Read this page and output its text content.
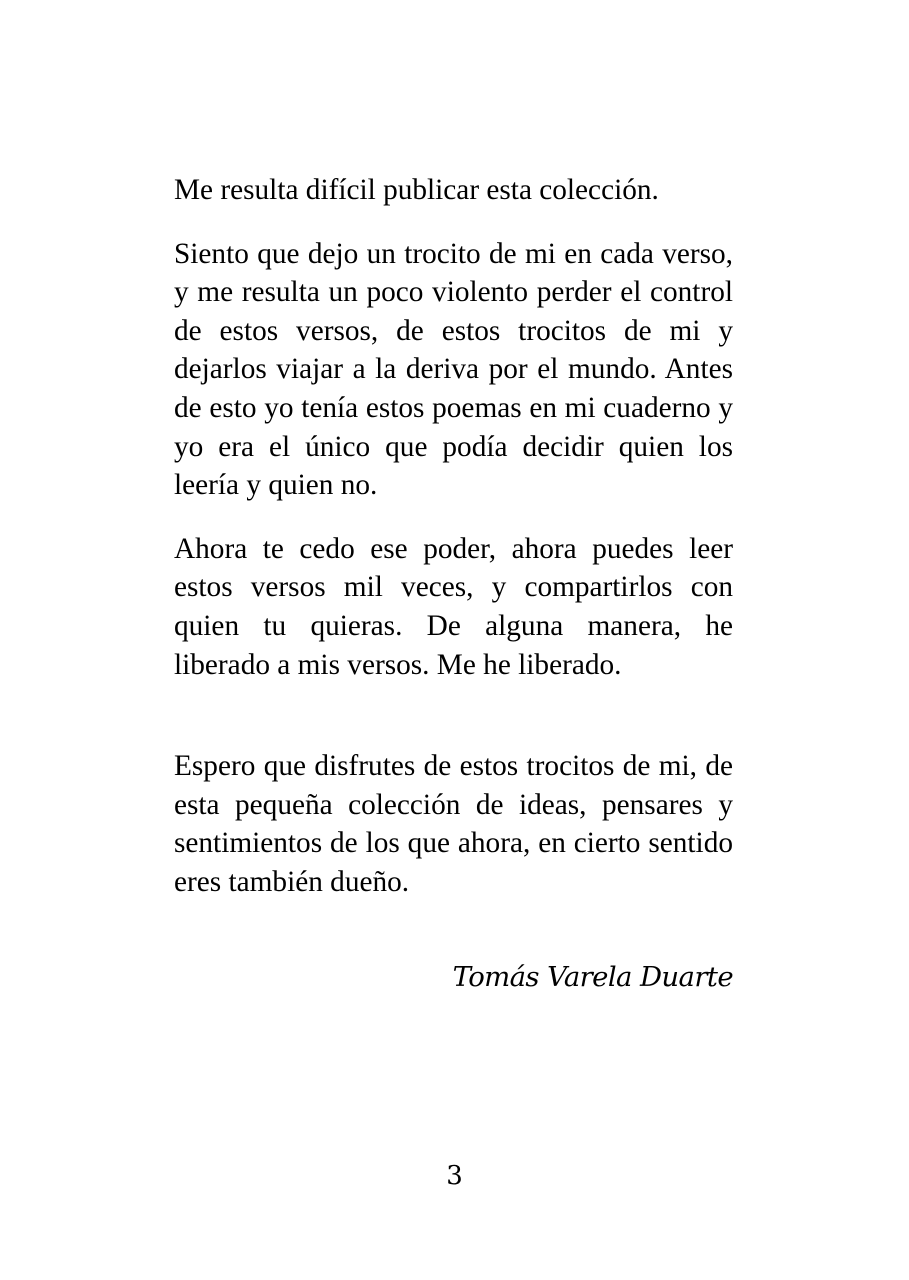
Me resulta difícil publicar esta colección.

Siento que dejo un trocito de mi en cada verso, y me resulta un poco violento perder el control de estos versos, de estos trocitos de mi y dejarlos viajar a la deriva por el mundo. Antes de esto yo tenía estos poemas en mi cuaderno y yo era el único que podía decidir quien los leería y quien no.

Ahora te cedo ese poder, ahora puedes leer estos versos mil veces, y compartirlos con quien tu quieras. De alguna manera, he liberado a mis versos. Me he liberado.

Espero que disfrutes de estos trocitos de mi, de esta pequeña colección de ideas, pensares y sentimientos de los que ahora, en cierto sentido eres también dueño.

Tomás Varela Duarte

3
